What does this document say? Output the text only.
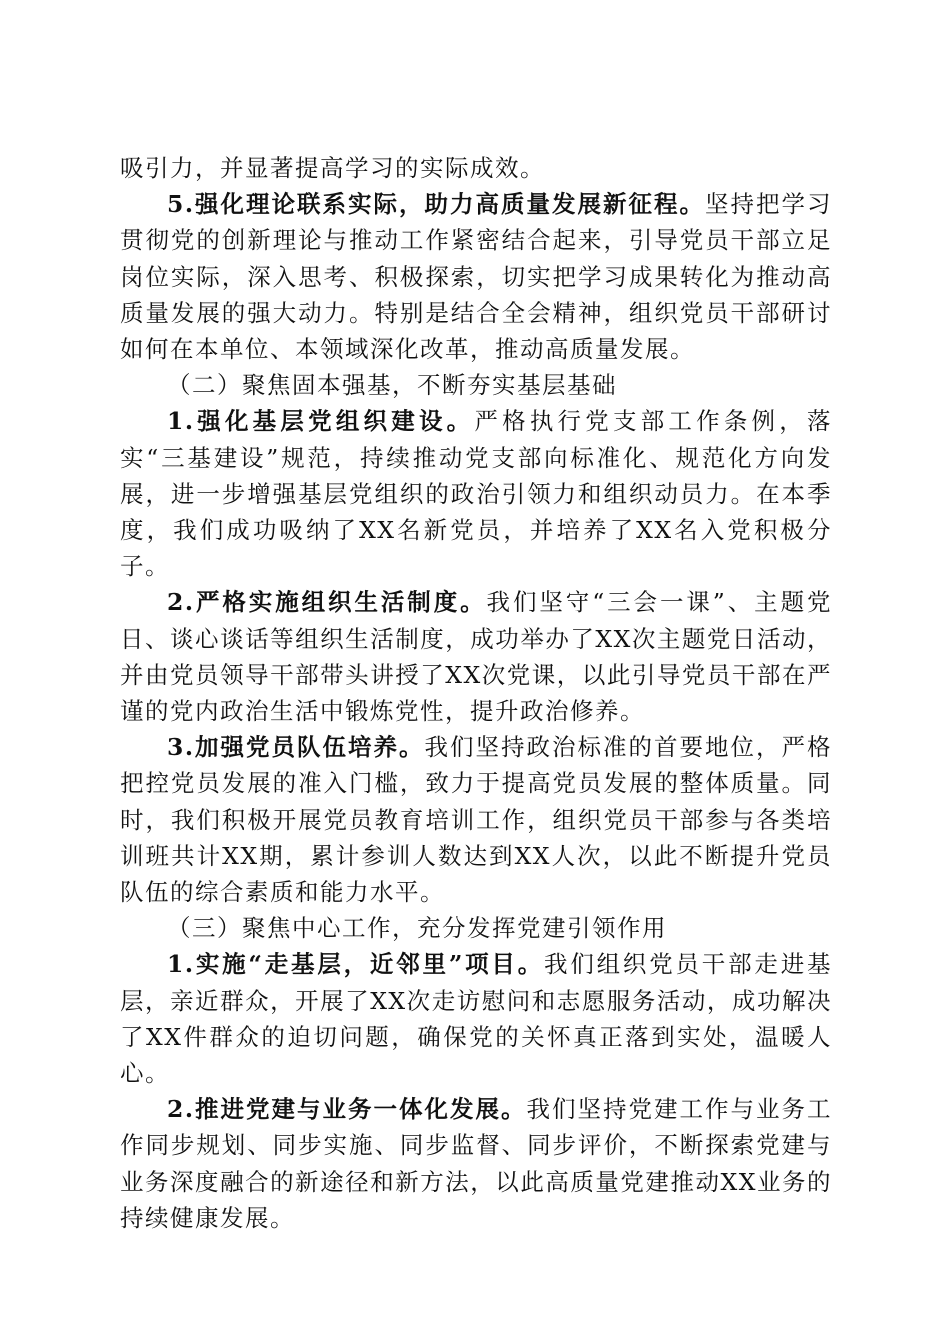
吸引力，并显著提高学习的实际成效。

5.强化理论联系实际，助力高质量发展新征程。坚持把学习贯彻党的创新理论与推动工作紧密结合起来，引导党员干部立足岗位实际，深入思考、积极探索，切实把学习成果转化为推动高质量发展的强大动力。特别是结合全会精神，组织党员干部研讨如何在本单位、本领域深化改革，推动高质量发展。

（二）聚焦固本强基，不断夯实基层基础

1.强化基层党组织建设。严格执行党支部工作条例，落实“三基建设”规范，持续推动党支部向标准化、规范化方向发展，进一步增强基层党组织的政治引领力和组织动员力。在本季度，我们成功吸纳了XX名新党员，并培养了XX名入党积极分子。

2.严格实施组织生活制度。我们坚守“三会一课”、主题党日、谈心谈话等组织生活制度，成功举办了XX次主题党日活动，并由党员领导干部带头讲授了XX次党课，以此引导党员干部在严谨的党内政治生活中锻炼党性，提升政治修养。

3.加强党员队伍培养。我们坚持政治标准的首要地位，严格把控党员发展的准入门槛，致力于提高党员发展的整体质量。同时，我们积极开展党员教育培训工作，组织党员干部参与各类培训班共计XX期，累计参训人数达到XX人次，以此不断提升党员队伍的综合素质和能力水平。

（三）聚焦中心工作，充分发挥党建引领作用

1.实施“走基层，近邻里”项目。我们组织党员干部走进基层，亲近群众，开展了XX次走访慰问和志愿服务活动，成功解决了XX件群众的迫切问题，确保党的关怀真正落到实处，温暖人心。

2.推进党建与业务一体化发展。我们坚持党建工作与业务工作同步规划、同步实施、同步监督、同步评价，不断探索党建与业务深度融合的新途径和新方法，以此高质量党建推动XX业务的持续健康发展。
